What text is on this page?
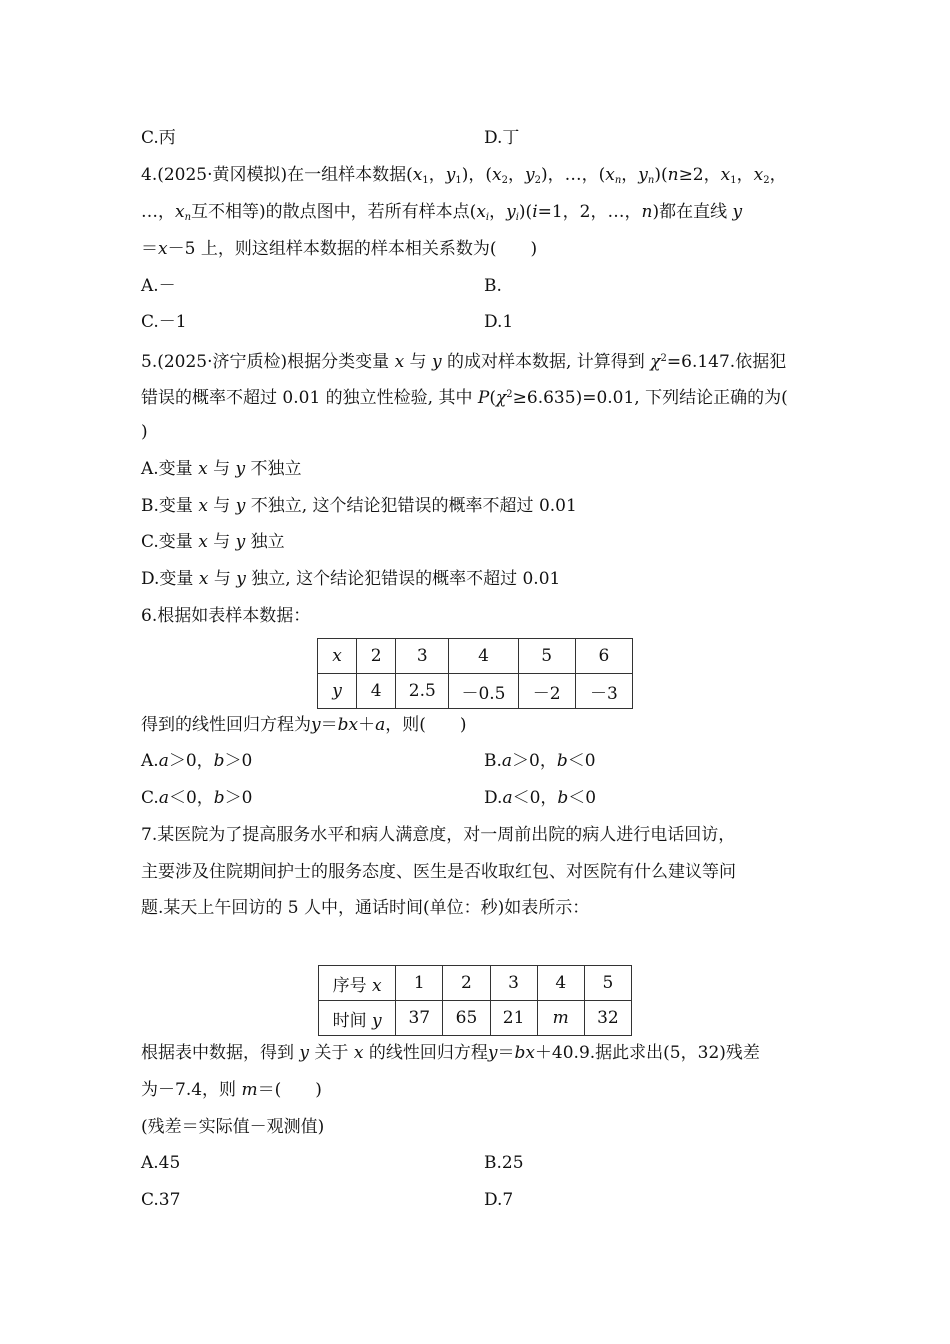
C.丙	D.丁
4.(2025·黄冈模拟)在一组样本数据($x_1$，$y_1$)，($x_2$，$y_2$)，…，($x_n$，$y_n)(n\ge 2$，$x_1$，$x_2$，
…，$x_n$互不相等)的散点图中，若所有样本点($x_i$，$y_i)(i=1$，2，…，n)都在直线 y
＝x－5 上，则这组样本数据的样本相关系数为(　　)
A.－	B.
C.－1	D.1
5.(2025·济宁质检)根据分类变量 x 与 y 的成对样本数据, 计算得到 $\chi^2=6.147$.依据犯
错误的概率不超过 0.01 的独立性检验, 其中 $P(\chi^2\ge 6.635)=0.01$, 下列结论正确的为(
)
A.变量 x 与 y 不独立
B.变量 x 与 y 不独立, 这个结论犯错误的概率不超过 0.01
C.变量 x 与 y 独立
D.变量 x 与 y 独立, 这个结论犯错误的概率不超过 0.01
6.根据如表样本数据：
x	2	3	4	5	6
y	4	2.5	－0.5	－2	－3
得到的线性回归方程为y＝bx＋a，则(　　)
A.a＞0，b＞0	B.a＞0，b＜0
C.a＜0，b＞0	D.a＜0，b＜0
7.某医院为了提高服务水平和病人满意度，对一周前出院的病人进行电话回访，
主要涉及住院期间护士的服务态度、医生是否收取红包、对医院有什么建议等问
题.某天上午回访的 5 人中，通话时间(单位：秒)如表所示：
序号 x	1	2	3	4	5
时间 y	37	65	21	m	32
根据表中数据，得到 y 关于 x 的线性回归方程y＝bx＋40.9.据此求出(5，32)残差
为－7.4，则 m＝(　　)
(残差＝实际值－观测值)
A.45	B.25
C.37	D.7
